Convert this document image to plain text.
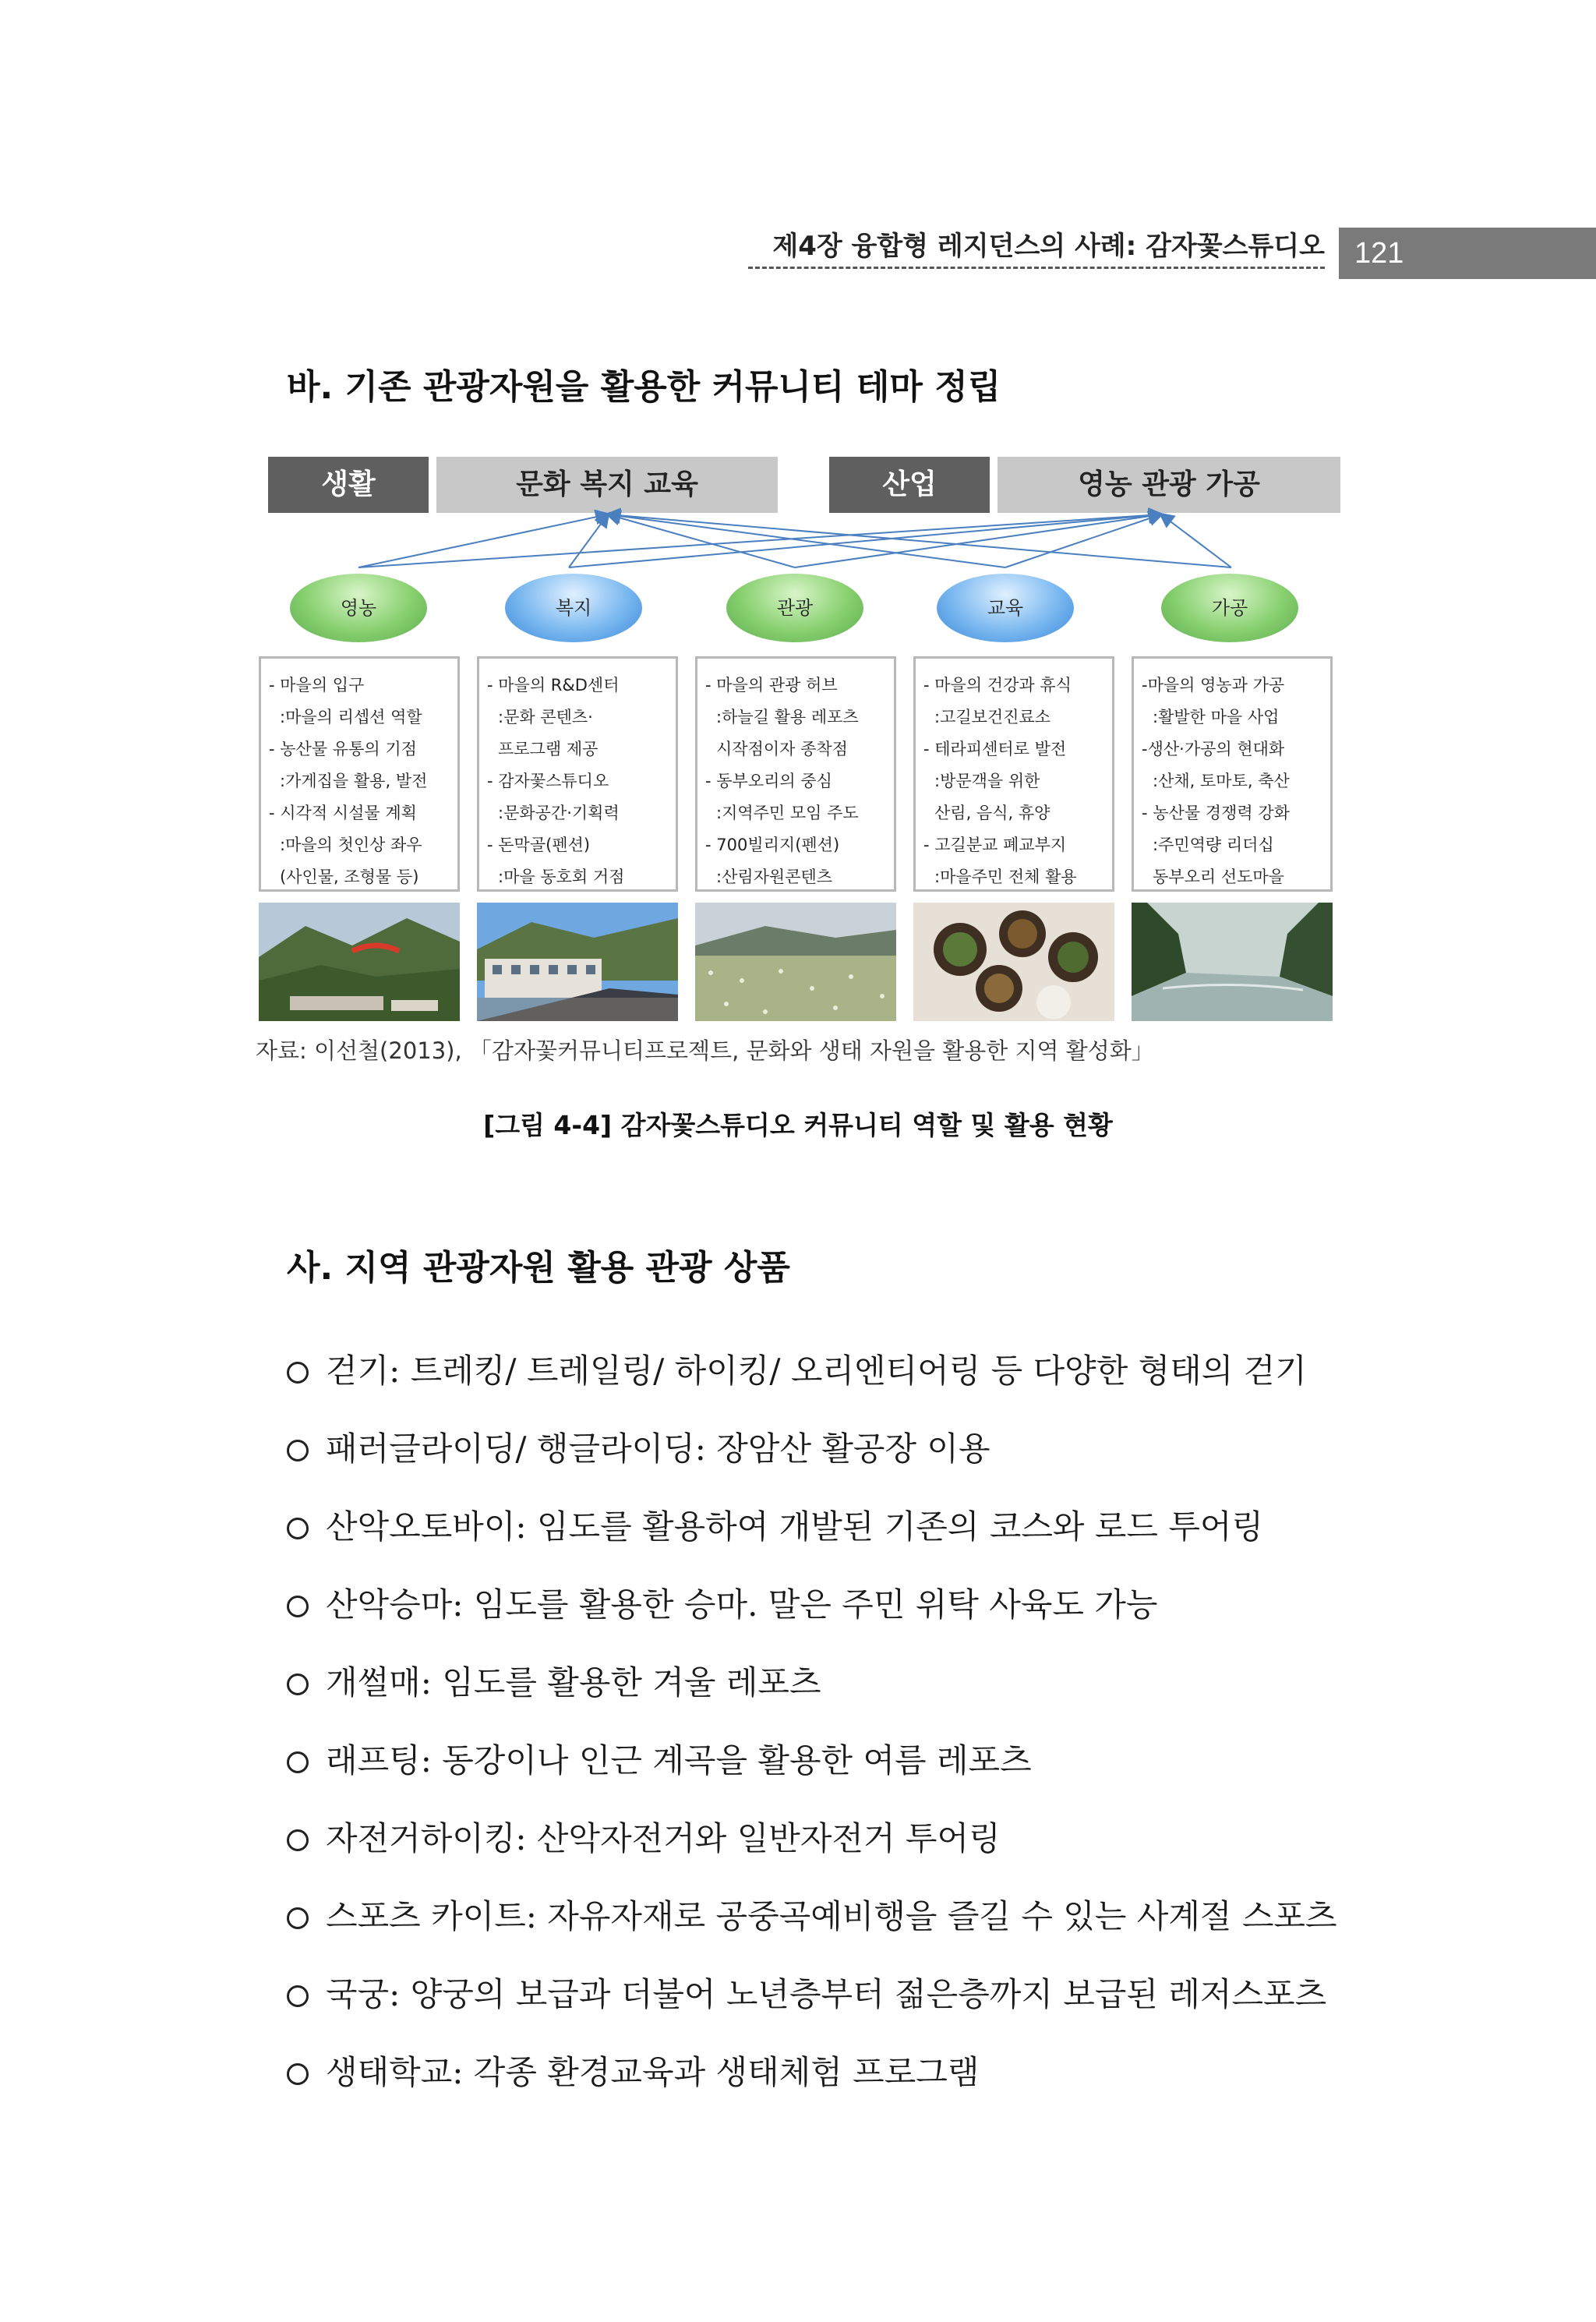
제4장 융합형 레지던스의 사례: 감자꽃스튜디오	121
바. 기존 관광자원을 활용한 커뮤니티 테마 정립
생활	문화 복지 교육	산업	영농 관광 가공
영농	복지	관광	교육	가공
- 마을의 입구
:마을의 리셉션 역할
- 농산물 유통의 기점
:가게집을 활용, 발전
- 시각적 시설물 계획
:마을의 첫인상 좌우
(사인물, 조형물 등)
- 마을의 R&D센터
:문화 콘텐츠·
프로그램 제공
- 감자꽃스튜디오
:문화공간·기획력
- 돈막골(펜션)
:마을 동호회 거점
- 마을의 관광 허브
:하늘길 활용 레포츠
시작점이자 종착점
- 동부오리의 중심
:지역주민 모임 주도
- 700빌리지(펜션)
:산림자원콘텐츠
- 마을의 건강과 휴식
:고길보건진료소
- 테라피센터로 발전
:방문객을 위한
산림, 음식, 휴양
- 고길분교 폐교부지
:마을주민 전체 활용
-마을의 영농과 가공
:활발한 마을 사업
-생산·가공의 현대화
:산채, 토마토, 축산
- 농산물 경쟁력 강화
:주민역량 리더십
동부오리 선도마을
자료: 이선철(2013), 「감자꽃커뮤니티프로젝트, 문화와 생태 자원을 활용한 지역 활성화」
[그림 4-4] 감자꽃스튜디오 커뮤니티 역할 및 활용 현황
사. 지역 관광자원 활용 관광 상품
걷기: 트레킹/ 트레일링/ 하이킹/ 오리엔티어링 등 다양한 형태의 걷기
패러글라이딩/ 행글라이딩: 장암산 활공장 이용
산악오토바이: 임도를 활용하여 개발된 기존의 코스와 로드 투어링
산악승마: 임도를 활용한 승마. 말은 주민 위탁 사육도 가능
개썰매: 임도를 활용한 겨울 레포츠
래프팅: 동강이나 인근 계곡을 활용한 여름 레포츠
자전거하이킹: 산악자전거와 일반자전거 투어링
스포츠 카이트: 자유자재로 공중곡예비행을 즐길 수 있는 사계절 스포츠
국궁: 양궁의 보급과 더불어 노년층부터 젊은층까지 보급된 레저스포츠
생태학교: 각종 환경교육과 생태체험 프로그램
